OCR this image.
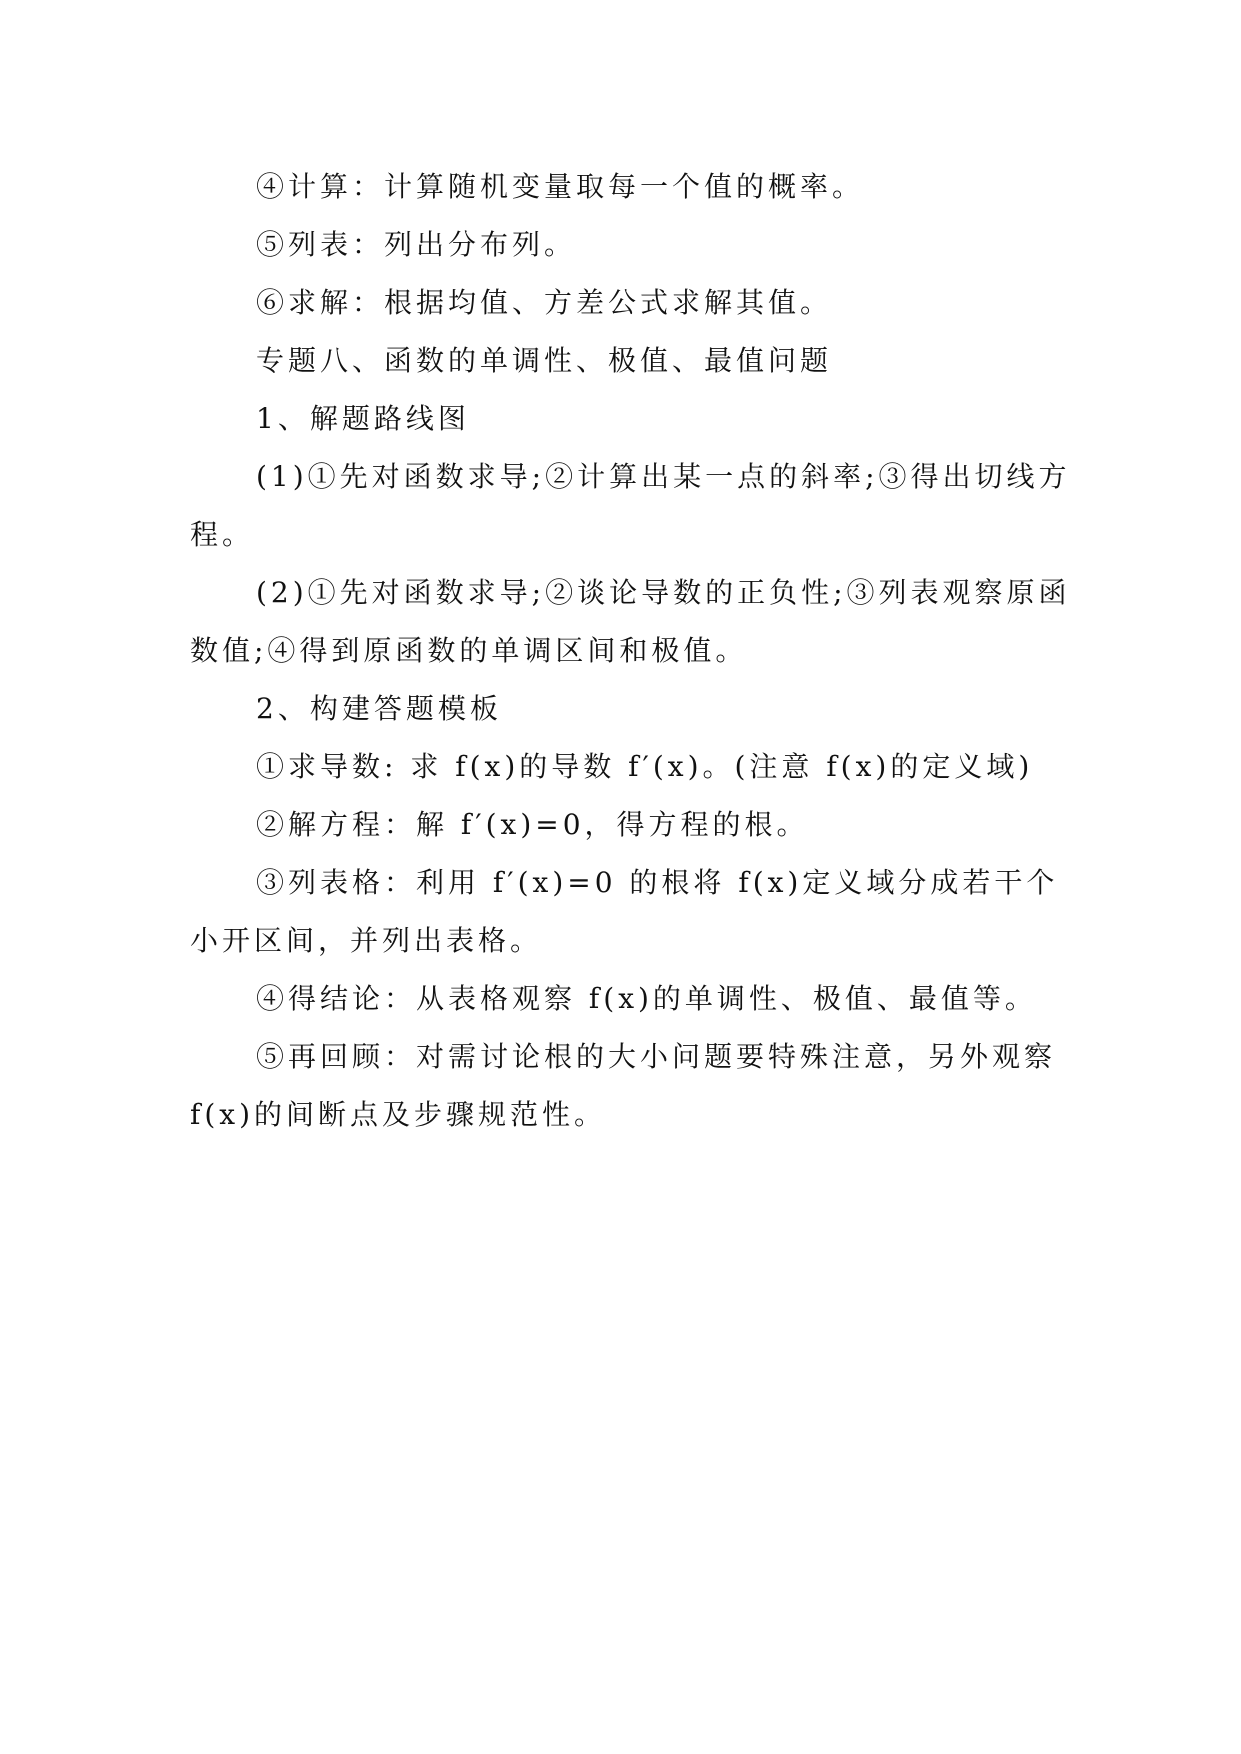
④计算：计算随机变量取每一个值的概率。

⑤列表：列出分布列。

⑥求解：根据均值、方差公式求解其值。

专题八、函数的单调性、极值、最值问题

1、解题路线图

(1)①先对函数求导;②计算出某一点的斜率;③得出切线方程。

(2)①先对函数求导;②谈论导数的正负性;③列表观察原函数值;④得到原函数的单调区间和极值。

2、构建答题模板

①求导数: 求 f(x)的导数 f′(x)。(注意 f(x)的定义域)

②解方程：解 f′(x)=0，得方程的根。

③列表格：利用 f′(x)=0 的根将 f(x)定义域分成若干个小开区间，并列出表格。

④得结论：从表格观察 f(x)的单调性、极值、最值等。

⑤再回顾：对需讨论根的大小问题要特殊注意，另外观察 f(x)的间断点及步骤规范性。
